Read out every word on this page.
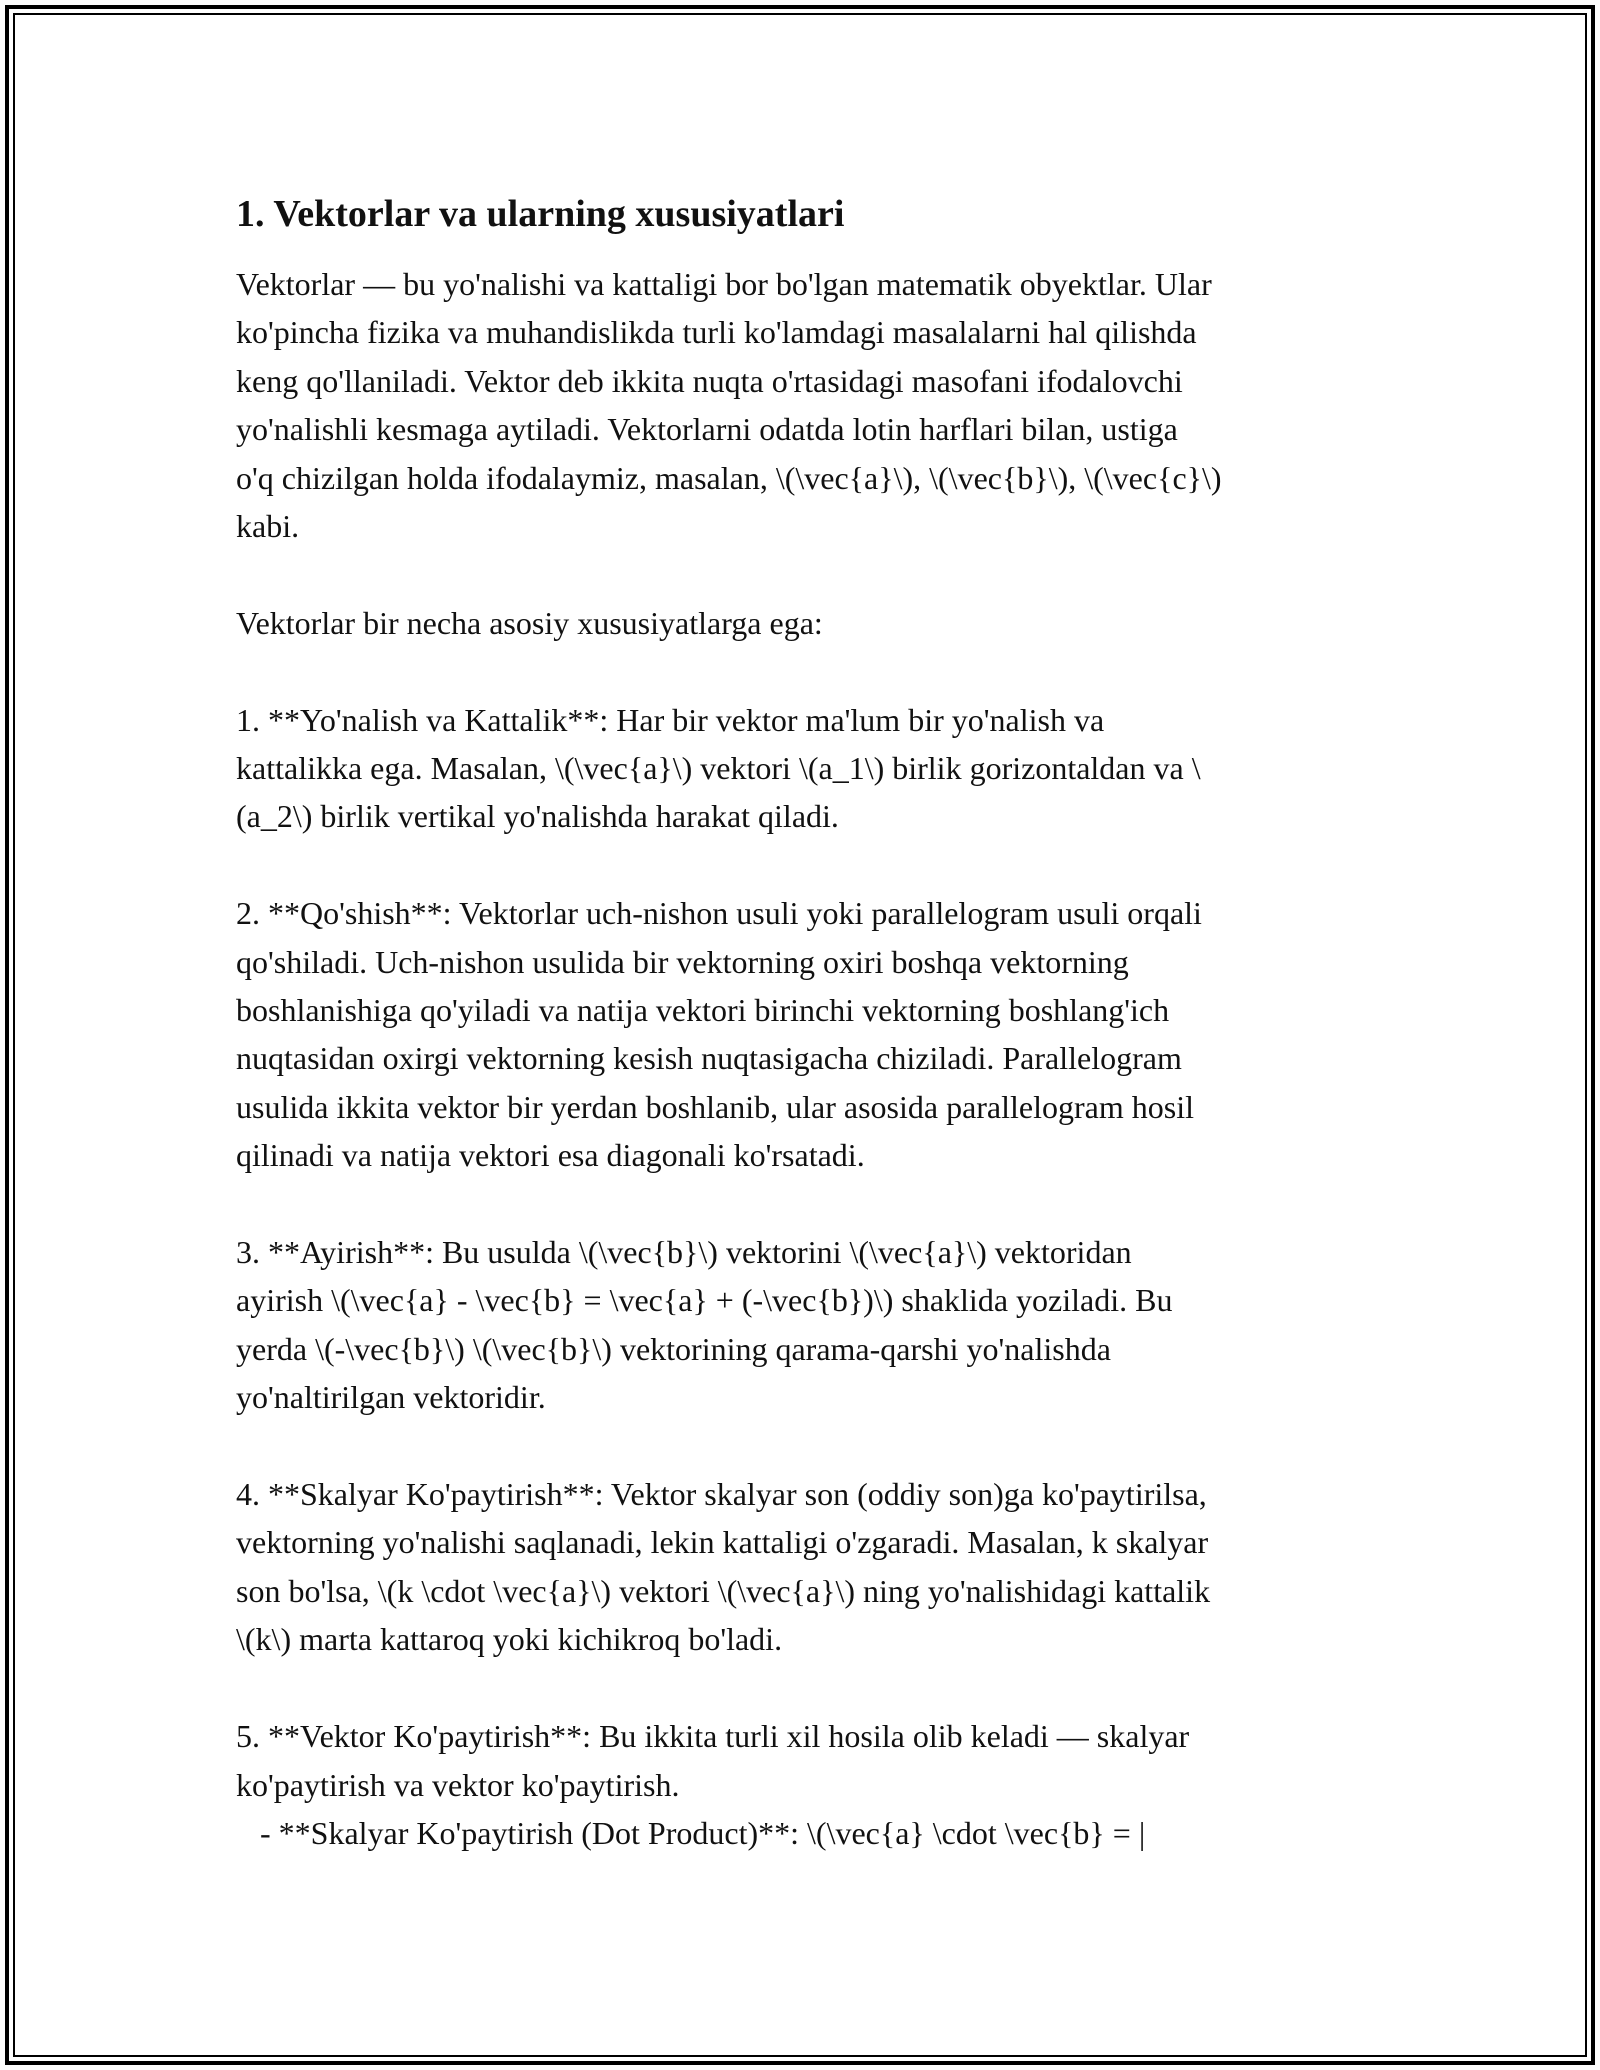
1. Vektorlar va ularning xususiyatlari

Vektorlar — bu yo'nalishi va kattaligi bor bo'lgan matematik obyektlar. Ular
ko'pincha fizika va muhandislikda turli ko'lamdagi masalalarni hal qilishda
keng qo'llaniladi. Vektor deb ikkita nuqta o'rtasidagi masofani ifodalovchi
yo'nalishli kesmaga aytiladi. Vektorlarni odatda lotin harflari bilan, ustiga
o'q chizilgan holda ifodalaymiz, masalan, \(\vec{a}\), \(\vec{b}\), \(\vec{c}\)
kabi.

Vektorlar bir necha asosiy xususiyatlarga ega:

1. **Yo'nalish va Kattalik**: Har bir vektor ma'lum bir yo'nalish va
kattalikka ega. Masalan, \(\vec{a}\) vektori \(a_1\) birlik gorizontaldan va \
(a_2\) birlik vertikal yo'nalishda harakat qiladi.

2. **Qo'shish**: Vektorlar uch-nishon usuli yoki parallelogram usuli orqali
qo'shiladi. Uch-nishon usulida bir vektorning oxiri boshqa vektorning
boshlanishiga qo'yiladi va natija vektori birinchi vektorning boshlang'ich
nuqtasidan oxirgi vektorning kesish nuqtasigacha chiziladi. Parallelogram
usulida ikkita vektor bir yerdan boshlanib, ular asosida parallelogram hosil
qilinadi va natija vektori esa diagonali ko'rsatadi.

3. **Ayirish**: Bu usulda \(\vec{b}\) vektorini \(\vec{a}\) vektoridan
ayirish \(\vec{a} - \vec{b} = \vec{a} + (-\vec{b})\) shaklida yoziladi. Bu
yerda \(-\vec{b}\) \(\vec{b}\) vektorining qarama-qarshi yo'nalishda
yo'naltirilgan vektoridir.

4. **Skalyar Ko'paytirish**: Vektor skalyar son (oddiy son)ga ko'paytirilsa,
vektorning yo'nalishi saqlanadi, lekin kattaligi o'zgaradi. Masalan, k skalyar
son bo'lsa, \(k \cdot \vec{a}\) vektori \(\vec{a}\) ning yo'nalishidagi kattalik
\(k\) marta kattaroq yoki kichikroq bo'ladi.

5. **Vektor Ko'paytirish**: Bu ikkita turli xil hosila olib keladi — skalyar
ko'paytirish va vektor ko'paytirish.
- **Skalyar Ko'paytirish (Dot Product)**: \(\vec{a} \cdot \vec{b} = |
